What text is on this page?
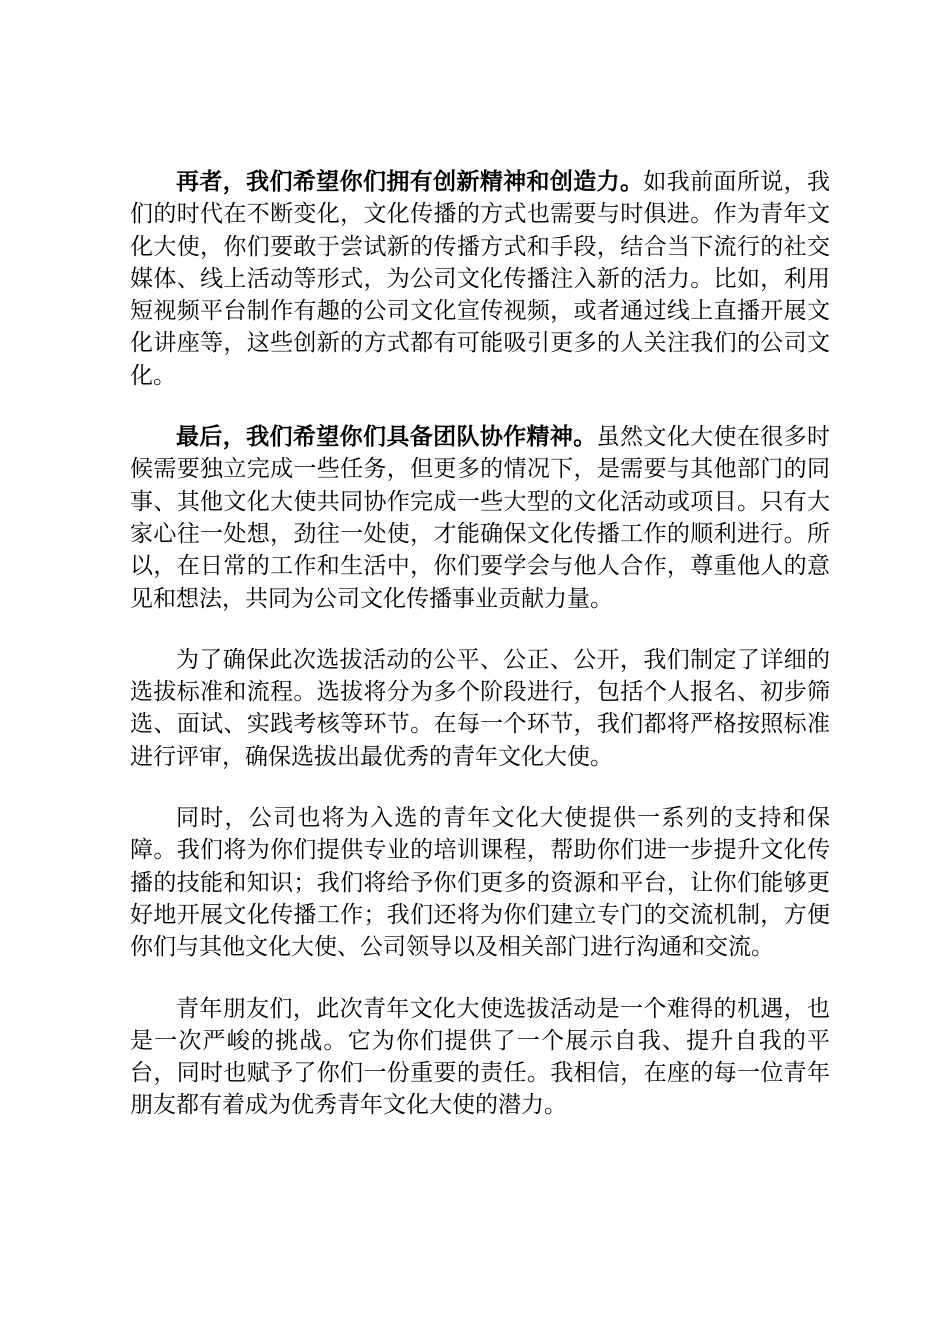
再者，我们希望你们拥有创新精神和创造力。如我前面所说，我们的时代在不断变化，文化传播的方式也需要与时俱进。作为青年文化大使，你们要敢于尝试新的传播方式和手段，结合当下流行的社交媒体、线上活动等形式，为公司文化传播注入新的活力。比如，利用短视频平台制作有趣的公司文化宣传视频，或者通过线上直播开展文化讲座等，这些创新的方式都有可能吸引更多的人关注我们的公司文化。

最后，我们希望你们具备团队协作精神。虽然文化大使在很多时候需要独立完成一些任务，但更多的情况下，是需要与其他部门的同事、其他文化大使共同协作完成一些大型的文化活动或项目。只有大家心往一处想，劲往一处使，才能确保文化传播工作的顺利进行。所以，在日常的工作和生活中，你们要学会与他人合作，尊重他人的意见和想法，共同为公司文化传播事业贡献力量。

为了确保此次选拔活动的公平、公正、公开，我们制定了详细的选拔标准和流程。选拔将分为多个阶段进行，包括个人报名、初步筛选、面试、实践考核等环节。在每一个环节，我们都将严格按照标准进行评审，确保选拔出最优秀的青年文化大使。

同时，公司也将为入选的青年文化大使提供一系列的支持和保障。我们将为你们提供专业的培训课程，帮助你们进一步提升文化传播的技能和知识；我们将给予你们更多的资源和平台，让你们能够更好地开展文化传播工作；我们还将为你们建立专门的交流机制，方便你们与其他文化大使、公司领导以及相关部门进行沟通和交流。

青年朋友们，此次青年文化大使选拔活动是一个难得的机遇，也是一次严峻的挑战。它为你们提供了一个展示自我、提升自我的平台，同时也赋予了你们一份重要的责任。我相信，在座的每一位青年朋友都有着成为优秀青年文化大使的潜力。
